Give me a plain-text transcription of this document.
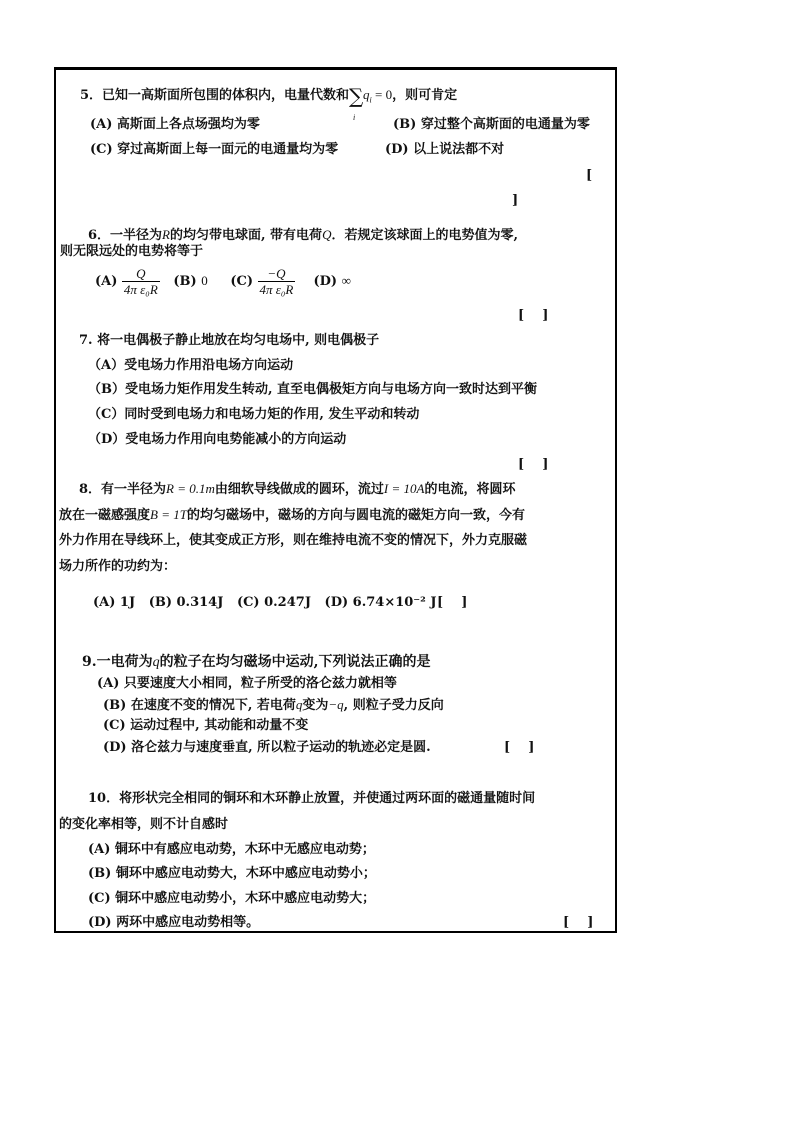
5．已知一高斯面所包围的体积内，电量代数和 ∑
i
$q_i = 0$，则可肯定
(A) 高斯面上各点场强均为零	(B) 穿过整个高斯面的电通量为零
(C) 穿过高斯面上每一面元的电通量均为零	(D) 以上说法都不对
[
]
6．一半径为R的均匀带电球面, 带有电荷Q．若规定该球面上的电势值为零,
则无限远处的电势将等于
$(A) \frac{Q}{\text{4π ε₀R}} (B)$ 0 $(C) \frac{-Q}{\text{4π ε₀R}} (D)$ ∞
[    ]
7. 将一电偶极子静止地放在均匀电场中, 则电偶极子
（A）受电场力作用沿电场方向运动
（B）受电场力矩作用发生转动, 直至电偶极矩方向与电场方向一致时达到平衡
（C）同时受到电场力和电场力矩的作用, 发生平动和转动
（D）受电场力作用向电势能减小的方向运动
[    ]
8．有一半径为R = 0.1m由细软导线做成的圆环，流过I = 10A的电流，将圆环
放在一磁感强度B = 1T的均匀磁场中，磁场的方向与圆电流的磁矩方向一致，今有
外力作用在导线环上，使其变成正方形，则在维持电流不变的情况下，外力克服磁
场力所作的功约为：
(A) 1J   (B) 0.314J   (C) 0.247J   (D) 6.74×10⁻² J [    ]
9.一电荷为q的粒子在均匀磁场中运动,下列说法正确的是
(A) 只要速度大小相同，粒子所受的洛仑兹力就相等
(B) 在速度不变的情况下, 若电荷q变为−q, 则粒子受力反向
(C) 运动过程中, 其动能和动量不变
(D) 洛仑兹力与速度垂直, 所以粒子运动的轨迹必定是圆.	[    ]
10．将形状完全相同的铜环和木环静止放置，并使通过两环面的磁通量随时间
的变化率相等，则不计自感时
(A) 铜环中有感应电动势，木环中无感应电动势；
(B) 铜环中感应电动势大，木环中感应电动势小；
(C) 铜环中感应电动势小，木环中感应电动势大；
(D) 两环中感应电动势相等。	[    ]
